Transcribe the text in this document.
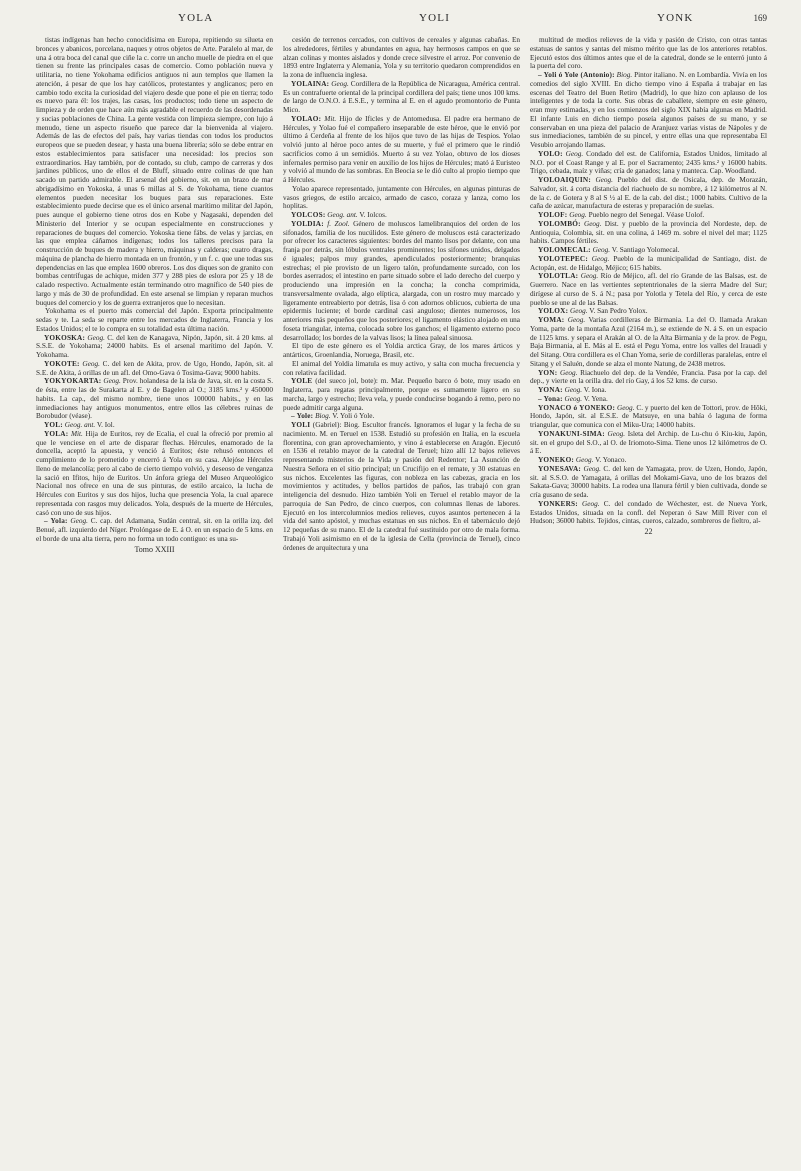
YOLA	YOLI	YONK	169

tistas indígenas han hecho conocidísima en Europa, repitiendo su silueta en bronces y abanicos, porcelana, naques y otros objetos de Arte. Paralelo al mar, de una á otra boca del canal que ciñe la c. corre un ancho muelle de piedra en el que tienen su frente las principales casas de comercio. Como población nueva y utilitaria, no tiene Yokohama edificios antiguos ni aun templos que llamen la atención, á pesar de que los hay católicos, protestantes y anglicanos; pero en cambio todo excita la curiosidad del viajero desde que pone el pie en tierra; todo es nuevo para él: los trajes, las casas, los productos; todo tiene un aspecto de limpieza y de orden que hace aún más agradable el recuerdo de las desordenadas y sucias poblaciones de China. La gente vestida con limpieza siempre, con lujo á menudo, tiene un aspecto risueño que parece dar la bienvenida al viajero. Además de las de efectos del país, hay varias tiendas con todos los productos europeos que se pueden desear, y hasta una buena librería; sólo se debe entrar en estos establecimientos para satisfacer una necesidad: los precios son extraordinarios. Hay también, por de contado, su club, campo de carreras y dos jardines públicos, uno de ellos el de Bluff, situado entre colinas de que han sacado un partido admirable. El arsenal del gobierno, sit. en un brazo de mar abrigadísimo en Yokoska, á unas 6 millas al S. de Yokohama, tiene cuantos elementos pueden necesitar los buques para sus reparaciones. Este establecimiento puede decirse que es el único arsenal marítimo militar del Japón, pues aunque el gobierno tiene otros dos en Kobe y Nagasaki, dependen del Ministerio del Interior y se ocupan especialmente en construcciones y reparaciones de buques del comercio. Yokoska tiene fábs. de velas y jarcias, en las que emplea cáñamos indígenas; todos los talleres precisos para la construcción de buques de madera y hierro, máquinas y calderas; cuatro dragas, máquina de plancha de hierro montada en un frontón, y un f. c. que une todas sus dependencias en las que emplea 1600 obreros. Los dos diques son de granito con bombas centrífugas de achique, miden 377 y 288 pies de eslora por 25 y 18 de calado respectivo. Actualmente están terminando otro magnífico de 540 pies de largo y más de 30 de profundidad. En este arsenal se limpian y reparan muchos buques del comercio y los de guerra extranjeros que lo necesitan.

Yokohama es el puerto más comercial del Japón. Exporta principalmente sedas y te. La seda se reparte entre los mercados de Inglaterra, Francia y los Estados Unidos; el te lo compra en su totalidad esta última nación.

YOKOSKA: Geog. C. del ken de Kanagava, Nipón, Japón, sit. á 20 kms. al S.S.E. de Yokohama; 24000 habits. Es el arsenal marítimo del Japón. V. Yokohama.

YOKOTE: Geog. C. del ken de Akita, prov. de Ugo, Hondo, Japón, sit. al S.E. de Akita, á orillas de un afl. del Omo-Gava ó Tosima-Gava; 9000 habits.

YOKYOKARTA: Geog. Prov. holandesa de la isla de Java, sit. en la costa S. de ésta, entre las de Surakarta al E. y de Bagelen al O.; 3185 kms.² y 450000 habits. La cap., del mismo nombre, tiene unos 100000 habits., y en las inmediaciones hay antiguos monumentos, entre ellos las célebres ruinas de Borobudor (véase).

YOL: Geog. ant. V. Iol.

YOLA: Mit. Hija de Euritos, rey de Ecalia, el cual la ofreció por premio al que le venciese en el arte de disparar flechas. Hércules, enamorado de la doncella, aceptó la apuesta, y venció á Euritos; éste rehusó entonces el cumplimiento de lo prometido y encerró á Yola en su casa. Alejóse Hércules lleno de melancolía; pero al cabo de cierto tiempo volvió, y deseoso de venganza la sació en Ifitos, hijo de Euritos. Un ánfora griega del Museo Arqueológico Nacional nos ofrece en una de sus pinturas, de estilo arcaico, la lucha de Hércules con Euritos y sus dos hijos, lucha que presencia Yola, la cual aparece representada con rasgos muy delicados. Yola, después de la muerte de Hércules, casó con uno de sus hijos.

– Yola: Geog. C. cap. del Adamana, Sudán central, sit. en la orilla izq. del Benué, afl. izquierdo del Níger. Prolóngase de E. á O. en un espacio de 5 kms. en el borde de una alta tierra, pero no forma un todo contiguo: es una su-

Tomo XXIII

cesión de terrenos cercados, con cultivos de cereales y algunas cabañas. En los alrededores, fértiles y abundantes en agua, hay hermosos campos en que se alzan colinas y montes aislados y donde crece silvestre el arroz. Por convenio de 1893 entre Inglaterra y Alemania, Yola y su territorio quedaron comprendidos en la zona de influencia inglesa.

YOLAINA: Geog. Cordillera de la República de Nicaragua, América central. Es un contrafuerte oriental de la principal cordillera del país; tiene unos 100 kms. de largo de O.N.O. á E.S.E., y termina al E. en el agudo promontorio de Punta Mico.

YOLAO: Mit. Hijo de Ificles y de Antomedusa. El padre era hermano de Hércules, y Yolao fué el compañero inseparable de este héroe, que le envió por último á Cerdeña al frente de los hijos que tuvo de las hijas de Tespios. Yolao volvió junto al héroe poco antes de su muerte, y fué el primero que le rindió sacrificios como á un semidiós. Muerto á su vez Yolao, obtuvo de los dioses infernales permiso para venir en auxilio de los hijos de Hércules; mató á Euristeo y volvió al mundo de las sombras. En Beocia se le dió culto al propio tiempo que á Hércules.

Yolao aparece representado, juntamente con Hércules, en algunas pinturas de vasos griegos, de estilo arcaico, armado de casco, coraza y lanza, como los hoplitas.

YOLCOS: Geog. ant. V. Iolcos.

YOLDIA: f. Zool. Género de moluscos lamelibranquios del orden de los sifonados, familia de los nucúlidos. Este género de moluscos está caracterizado por ofrecer los caracteres siguientes: bordes del manto lisos por delante, con una franja por detrás, sin lóbulos ventrales prominentes; los sifones unidos, delgados é iguales; palpos muy grandes, apendiculados posteriormente; branquias estrechas; el pie provisto de un ligero talón, profundamente surcado, con los bordes aserrados; el intestino en parte situado sobre el lado derecho del cuerpo y produciendo una impresión en la concha; la concha comprimida, transversalmente ovalada, algo elíptica, alargada, con un rostro muy marcado y ligeramente entreabierto por detrás, lisa ó con adornos oblicuos, cubierta de una epidermis luciente; el borde cardinal casi anguloso; dientes numerosos, los anteriores más pequeños que los posteriores; el ligamento elástico alojado en una foseta triangular, interna, colocada sobre los ganchos; el ligamento externo poco desarrollado; los bordes de la valvas lisos; la línea paleal sinuosa.

El tipo de este género es el Yoldia arctica Gray, de los mares árticos y antárticos, Groenlandia, Noruega, Brasil, etc.

El animal del Yoldia limatula es muy activo, y salta con mucha frecuencia y con relativa facilidad.

YOLE (del sueco jol, bote): m. Mar. Pequeño barco ó bote, muy usado en Inglaterra, para regatas principalmente, porque es sumamente ligero en su marcha, largo y estrecho; lleva vela, y puede conducirse bogando á remo, pero no puede admitir carga alguna.

– Yole: Biog. V. Yoli ó Yole.

YOLI (Gabriel): Biog. Escultor francés. Ignoramos el lugar y la fecha de su nacimiento. M. en Teruel en 1538. Estudió su profesión en Italia, en la escuela florentina, con gran aprovechamiento, y vino á establecerse en Aragón. Ejecutó en 1536 el retablo mayor de la catedral de Teruel; hizo allí 12 bajos relieves representando misterios de la Vida y pasión del Redentor; La Asunción de Nuestra Señora en el sitio principal; un Crucifijo en el remate, y 30 estatuas en sus nichos. Excelentes las figuras, con nobleza en las cabezas, gracia en los movimientos y actitudes, y bellos partidos de paños, las trabajó con gran inteligencia del desnudo. Hizo también Yoli en Teruel el retablo mayor de la parroquia de San Pedro, de cinco cuerpos, con columnas llenas de labores. Ejecutó en los intercolumnios medios relieves, cuyos asuntos pertenecen á la vida del santo apóstol, y muchas estatuas en sus nichos. En el tabernáculo dejó 12 pequeñas de su mano. El de la catedral fué sustituido por otro de mala forma. Trabajó Yoli asimismo en el de la iglesia de Cella (provincia de Teruel), cinco órdenes de arquitectura y una

multitud de medios relieves de la vida y pasión de Cristo, con otras tantas estatuas de santos y santas del mismo mérito que las de los anteriores retablos. Ejecutó estos dos últimos antes que el de la catedral, donde se le enterró junto á la puerta del coro.

– Yoli ó Yole (Antonio): Biog. Pintor italiano. N. en Lombardía. Vivía en los comedios del siglo XVIII. En dicho tiempo vino á España á trabajar en las escenas del Teatro del Buen Retiro (Madrid), lo que hizo con aplauso de los inteligentes y de toda la corte. Sus obras de caballete, siempre en este género, eran muy estimadas, y en los comienzos del siglo XIX había algunas en Madrid. El infante Luis en dicho tiempo poseía algunos países de su mano, y se conservaban en una pieza del palacio de Aranjuez varias vistas de Nápoles y de sus inmediaciones, también de su pincel, y entre ellas una que representaba El Vesubio arrojando llamas.

YOLO: Geog. Condado del est. de California, Estados Unidos, limitado al N.O. por el Coast Range y al E. por el Sacramento; 2435 kms.² y 16000 habits. Trigo, cebada, maíz y viñas; cría de ganados; lana y manteca. Cap. Woodland.

YOLOAIQUIN: Geog. Pueblo del dist. de Osicala, dep. de Morazán, Salvador, sit. á corta distancia del riachuelo de su nombre, á 12 kilómetros al N. de la c. de Gotera y 8 al S ½ al E. de la cab. del dist.; 1000 habits. Cultivo de la caña de azúcar, manufactura de esteras y preparación de suelas.

YOLOF: Geog. Pueblo negro del Senegal. Véase Uolof.

YOLOMBÓ: Geog. Dist. y pueblo de la provincia del Nordeste, dep. de Antioquia, Colombia, sit. en una colina, á 1469 m. sobre el nivel del mar; 1125 habits. Campos fértiles.

YOLOMECAL: Geog. V. Santiago Yolomecal.

YOLOTEPEC: Geog. Pueblo de la municipalidad de Santiago, dist. de Actopán, est. de Hidalgo, Méjico; 615 habits.

YOLOTLA: Geog. Río de Méjico, afl. del río Grande de las Balsas, est. de Guerrero. Nace en las vertientes septentrionales de la sierra Madre del Sur; dirígese al curso de S. á N.; pasa por Yolotla y Tetela del Río, y cerca de este pueblo se une al de las Balsas.

YOLOX: Geog. V. San Pedro Yolox.

YOMA: Geog. Varias cordilleras de Birmania. La del O. llamada Arakan Yoma, parte de la montaña Azul (2164 m.), se extiende de N. á S. en un espacio de 1125 kms. y separa el Arakán al O. de la Alta Birmania y de la prov. de Pegu, Baja Birmania, al E. Más al E. está el Pegu Yoma, entre los valles del Irauadi y del Sitang. Otra cordillera es el Chan Yoma, serie de cordilleras paralelas, entre el Sitang y el Saluén, donde se alza el monte Natung, de 2438 metros.

YON: Geog. Riachuelo del dep. de la Vendée, Francia. Pasa por la cap. del dep., y vierte en la orilla dra. del río Gay, á los 52 kms. de curso.

YONA: Geog. V. Iona.

– Yona: Geog. V. Yena.

YONACO ó YONEKO: Geog. C. y puerto del ken de Tottori, prov. de Hôki, Hondo, Japón, sit. al E.S.E. de Matsuye, en una bahía ó laguna de forma triangular, que comunica con el Miku-Ura; 14000 habits.

YONAKUNI-SIMA: Geog. Isleta del Archip. de Lu-chu ó Kiu-kiu, Japón, sit. en el grupo del S.O., al O. de Iriomoto-Sima. Tiene unos 12 kilómetros de O. á E.

YONEKO: Geog. V. Yonaco.

YONESAVA: Geog. C. del ken de Yamagata, prov. de Uzen, Hondo, Japón, sit. al S.S.O. de Yamagata, á orillas del Mokami-Gava, uno de los brazos del Sakata-Gava; 30000 habits. La rodea una llanura fértil y bien cultivada, donde se cría gusano de seda.

YONKERS: Geog. C. del condado de Wéchester, est. de Nueva York, Estados Unidos, situada en la confl. del Neperan ó Saw Mill River con el Hudson; 36000 habits. Tejidos, cintas, cueros, calzado, sombreros de fieltro, al-

22
